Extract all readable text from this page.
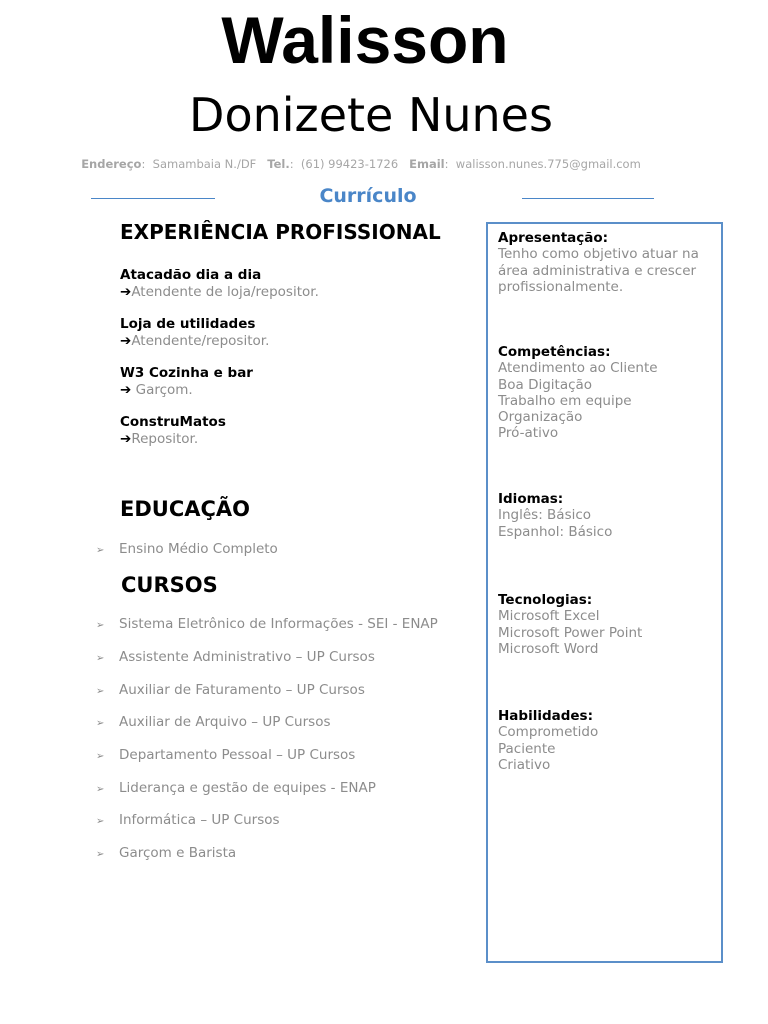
Walisson
Donizete Nunes
Endereço:  Samambaia N./DF Tel.:  (61) 99423-1726 Email:  walisson.nunes.775@gmail.com
Currículo
EXPERIÊNCIA PROFISSIONAL
Atacadão dia a dia
➔Atendente de loja/repositor.
Loja de utilidades
➔Atendente/repositor.
W3 Cozinha e bar
➔ Garçom.
ConstruMatos
➔Repositor.
EDUCAÇÃO
➢ Ensino Médio Completo
CURSOS
➢ Sistema Eletrônico de Informações - SEI - ENAP
➢ Assistente Administrativo – UP Cursos
➢ Auxiliar de Faturamento – UP Cursos
➢ Auxiliar de Arquivo – UP Cursos
➢ Departamento Pessoal – UP Cursos
➢ Liderança e gestão de equipes - ENAP
➢ Informática – UP Cursos
➢ Garçom e Barista
Apresentação:
Tenho como objetivo atuar na
área administrativa e crescer
profissionalmente.
Competências:
Atendimento ao Cliente
Boa Digitação
Trabalho em equipe
Organização
Pró-ativo
Idiomas:
Inglês: Básico
Espanhol: Básico
Tecnologias:
Microsoft Excel
Microsoft Power Point
Microsoft Word
Habilidades:
Comprometido
Paciente
Criativo
